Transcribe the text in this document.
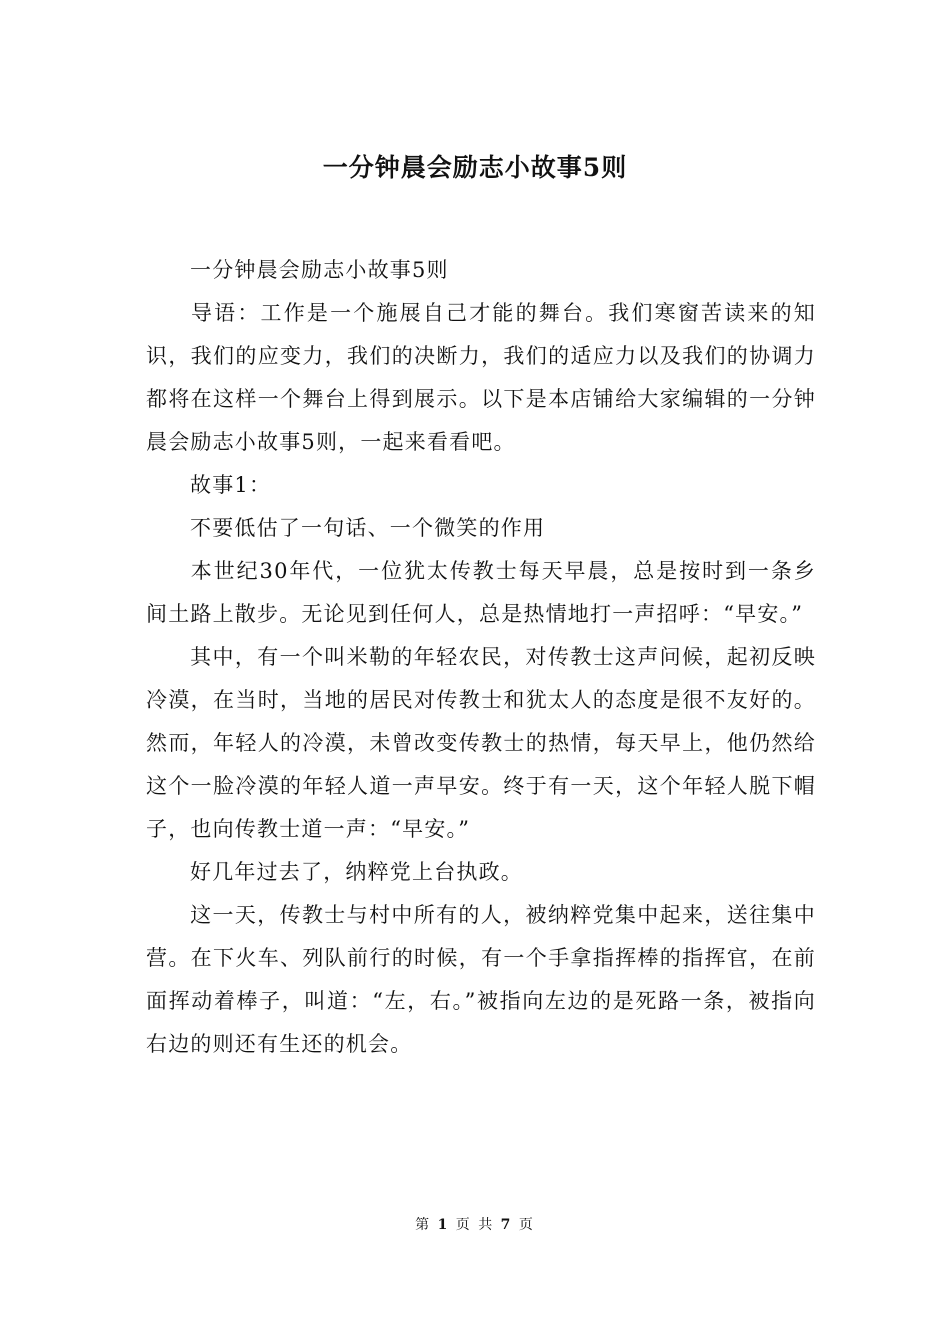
一分钟晨会励志小故事5则

一分钟晨会励志小故事5则

导语：工作是一个施展自己才能的舞台。我们寒窗苦读来的知识，我们的应变力，我们的决断力，我们的适应力以及我们的协调力都将在这样一个舞台上得到展示。以下是本店铺给大家编辑的一分钟晨会励志小故事5则，一起来看看吧。

故事1：

不要低估了一句话、一个微笑的作用

本世纪30年代，一位犹太传教士每天早晨，总是按时到一条乡间土路上散步。无论见到任何人，总是热情地打一声招呼：“早安。”

其中，有一个叫米勒的年轻农民，对传教士这声问候，起初反映冷漠，在当时，当地的居民对传教士和犹太人的态度是很不友好的。然而，年轻人的冷漠，未曾改变传教士的热情，每天早上，他仍然给这个一脸冷漠的年轻人道一声早安。终于有一天，这个年轻人脱下帽子，也向传教士道一声：“早安。”

好几年过去了，纳粹党上台执政。

这一天，传教士与村中所有的人，被纳粹党集中起来，送往集中营。在下火车、列队前行的时候，有一个手拿指挥棒的指挥官，在前面挥动着棒子，叫道：“左，右。”被指向左边的是死路一条，被指向右边的则还有生还的机会。

第 1 页 共 7 页
